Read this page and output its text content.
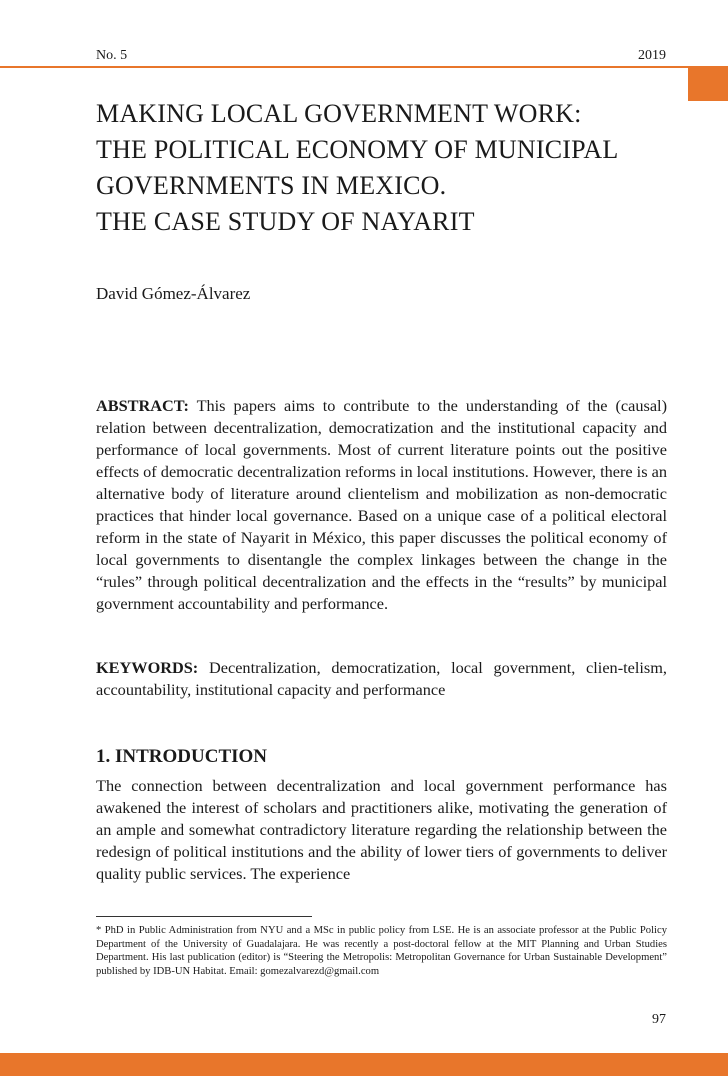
No. 5	2019
MAKING LOCAL GOVERNMENT WORK:
THE POLITICAL ECONOMY OF MUNICIPAL
GOVERNMENTS IN MEXICO.
THE CASE STUDY OF NAYARIT
David Gómez-Álvarez
ABSTRACT: This papers aims to contribute to the understanding of the (causal) relation between decentralization, democratization and the institutional capacity and performance of local governments. Most of current literature points out the positive effects of democratic decentralization reforms in local institutions. However, there is an alternative body of literature around clientelism and mobilization as non-democratic practices that hinder local governance. Based on a unique case of a political electoral reform in the state of Nayarit in México, this paper discusses the political economy of local governments to disentangle the complex linkages between the change in the “rules” through political decentralization and the effects in the “results” by municipal government accountability and performance.
KEYWORDS: Decentralization, democratization, local government, clien-telism, accountability, institutional capacity and performance
1. INTRODUCTION
The connection between decentralization and local government performance has awakened the interest of scholars and practitioners alike, motivating the generation of an ample and somewhat contradictory literature regarding the relationship between the redesign of political institutions and the ability of lower tiers of governments to deliver quality public services. The experience
* PhD in Public Administration from NYU and a MSc in public policy from LSE. He is an associate professor at the Public Policy Department of the University of Guadalajara. He was recently a post-doctoral fellow at the MIT Planning and Urban Studies Department. His last publication (editor) is “Steering the Metropolis: Metropolitan Governance for Urban Sustainable Development” published by IDB-UN Habitat. Email: gomezalvarezd@gmail.com
97
